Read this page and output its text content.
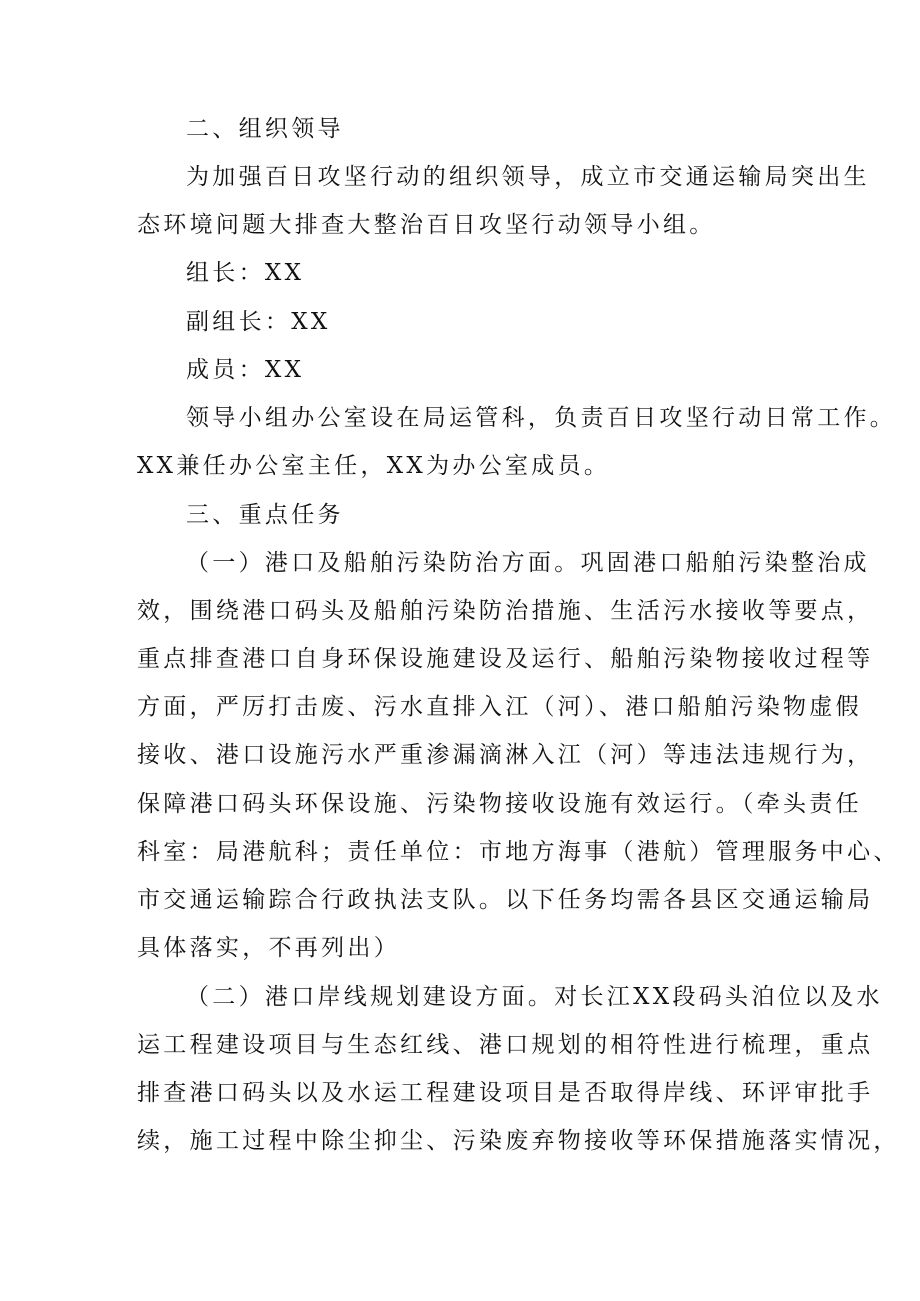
二、组织领导

为加强百日攻坚行动的组织领导，成立市交通运输局突出生

态环境问题大排查大整治百日攻坚行动领导小组。

组长：XX

副组长：XX

成员：XX

领导小组办公室设在局运管科，负责百日攻坚行动日常工作。

XX兼任办公室主任，XX为办公室成员。

三、重点任务

（一）港口及船舶污染防治方面。巩固港口船舶污染整治成

效，围绕港口码头及船舶污染防治措施、生活污水接收等要点，

重点排查港口自身环保设施建设及运行、船舶污染物接收过程等

方面，严厉打击废、污水直排入江（河）、港口船舶污染物虚假

接收、港口设施污水严重渗漏滴淋入江（河）等违法违规行为，

保障港口码头环保设施、污染物接收设施有效运行。（牵头责任

科室：局港航科；责任单位：市地方海事（港航）管理服务中心、

市交通运输踪合行政执法支队。以下任务均需各县区交通运输局

具体落实，不再列出）

（二）港口岸线规划建设方面。对长江XX段码头泊位以及水

运工程建设项目与生态红线、港口规划的相符性进行梳理，重点

排查港口码头以及水运工程建设项目是否取得岸线、环评审批手

续，施工过程中除尘抑尘、污染废弃物接收等环保措施落实情况，
